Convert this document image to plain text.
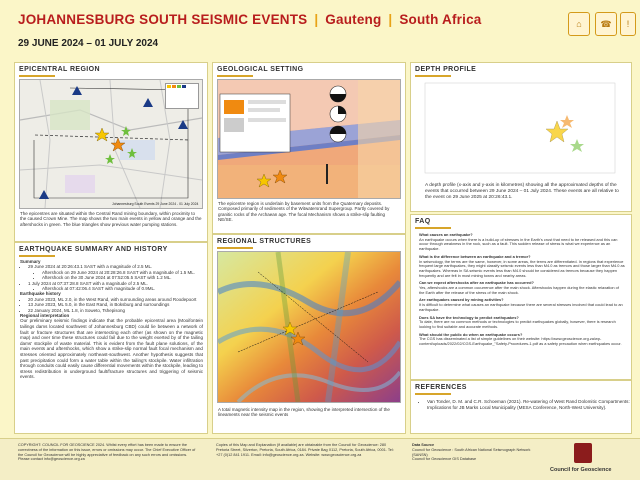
JOHANNESBURG SOUTH SEISMIC EVENTS | Gauteng | South Africa
29 JUNE 2024 – 01 JULY 2024
⌂	☎	!
EPICENTRAL REGION

Johannesburg South Events 29 June 2024 - 01 July 2024
The epicentres are situated within the Central Rand mining boundary, within proximity to the caused Crown Mine. The map shows the two main events in yellow and orange and the aftershocks in green. The blue triangles show previous water pumping stations.
EARTHQUAKE SUMMARY AND HISTORY
Summary
• 29 June 2024 at 20:26:43.1 SAST with a magnitude of 2.5 ML.
• Aftershock on 29 June 2024 at 20:28:26.8 SAST with a magnitude of 1.5 ML.
• Aftershock on the 30 June 2024 at 07:52:05.5 SAST with 1.2 ML.
• 1 July 2024 at 07:37:28.8 SAST with a magnitude of 2.5 ML.
• Aftershock at 07:42:06.4 SAST with magnitude of 0.9ML.
Earthquake history
• 20 June 2023, ML 2.0, in the West Rand, with surrounding areas around Roodepoort
• 13 June 2023, ML 5.0, in the East Rand, in Boksburg and surroundings
• 22 January 2024, ML 1.8, in Soweto, Tshepisong
Regional interpretation
Our preliminary seismic findings indicate that the probable epicentral area (Mooifontein tailings dams located southwest of Johannesburg CBD) could lie between a network of fault or fracture structures that are intersecting each other (as shown on the magnetic map) and over time these structures could fail due to the weight exerted by of the tailing dams' stockpile of waste material. This is evident from the fault plane solutions, of the main events and aftershocks, which show a strike-slip normal fault focal mechanism and stresses oriented approximately northeast-southwest. Another hypothesis suggests that past precipitation could form a water table within the tailing's stockpile. Water infiltration through conduits could easily cause differential movements within the stockpile, leading to stress redistribution in underground fault/fracture structures and triggering of seismic events.
GEOLOGICAL SETTING
The epicentre region is underlain by basement units from the Quaternary deposits. Composed primarily of sediments of the Witwatersrand Supergroup. Partly covered by granitic rocks of the Archaean age. The focal Mechanism shows a strike-slip faulting NE/SE.
REGIONAL STRUCTURES
A total magnetic intensity map in the region, showing the interpreted intersection of the lineaments near the seismic events
DEPTH PROFILE
A depth profile (x-axis and y-axis in kilometres) showing all the approximated depths of the events that occurred between 29 June 2024 – 01 July 2024. These events are all relative to the event on 29 June 2025 at 20:26:43.1.
FAQ
What causes an earthquake?
An earthquake occurs when there is a build-up of stresses in the Earth's crust that need to be released and this can occur through weakness in the rock, such as a fault. This sudden release of stress is what we experience as an earthquake.
What is the difference between an earthquake and a tremor?
In seismology, the terms are the same, however, in some areas, the terms are differentiated. In regions that experience frequent large earthquakes, they might classify seismic events less than M4.0 as tremors and those larger than M4.0 as earthquakes. Whereas in SA seismic events less than M4.0 should be considered as tremors because they happen frequently and are felt in most mining towns and nearby areas.
Can we expect aftershocks after an earthquake has occurred?
Yes, aftershocks are a common occurrence after the main shock. Aftershocks happen during the elastic relaxation of the Earth after the release of the stress of the main shock.
Are earthquakes caused by mining activities?
It is difficult to determine what causes an earthquake because there are several stresses involved that could lead to an earthquake.
Does SA have the technology to predict earthquakes?
To date, there are no common methods or technologies to predict earthquakes globally, however, there is research looking to find suitable and accurate methods.
What should the public do when an earthquake occurs?
The CGS has disseminated a list of simple guidelines on their website: https://www.geoscience.org.za/wp-content/uploads/2022/02/CGS-Earthquake_"Safety-Procedures-1.pdf as a safety precaution when earthquakes occur.
REFERENCES
• Van Tonder, D. M. and C.R. Schoeman (2021). Re-watering of West Rand Dolomitic Compartments: Implications for JB Marks Local Municipality (MESA Conference, North-West University).
COPYRIGHT: COUNCIL FOR GEOSCIENCE 2024. Whilst every effort has been made to ensure the correctness of the information on this issue, errors or omissions may occur. The Chief Executive Officer of the Council for Geoscience will be highly appreciative of feedback on any such errors and omissions. Please contact info@geoscience.org.za
Copies of this Map and Explanation (if available) are obtainable from the Council for Geoscience: 280 Pretoria Street, Silverton, Pretoria, South Africa, 0184. Private Bag X112, Pretoria, South Africa, 0001. Tel: +27 (0)12 841 1911. Email: info@geoscience.org.za. Website: www.geoscience.org.za
Data Source
Council for Geoscience : South African National Seismograph Network (SANSN)
Council for Geoscience GIS Database
Council for Geoscience
